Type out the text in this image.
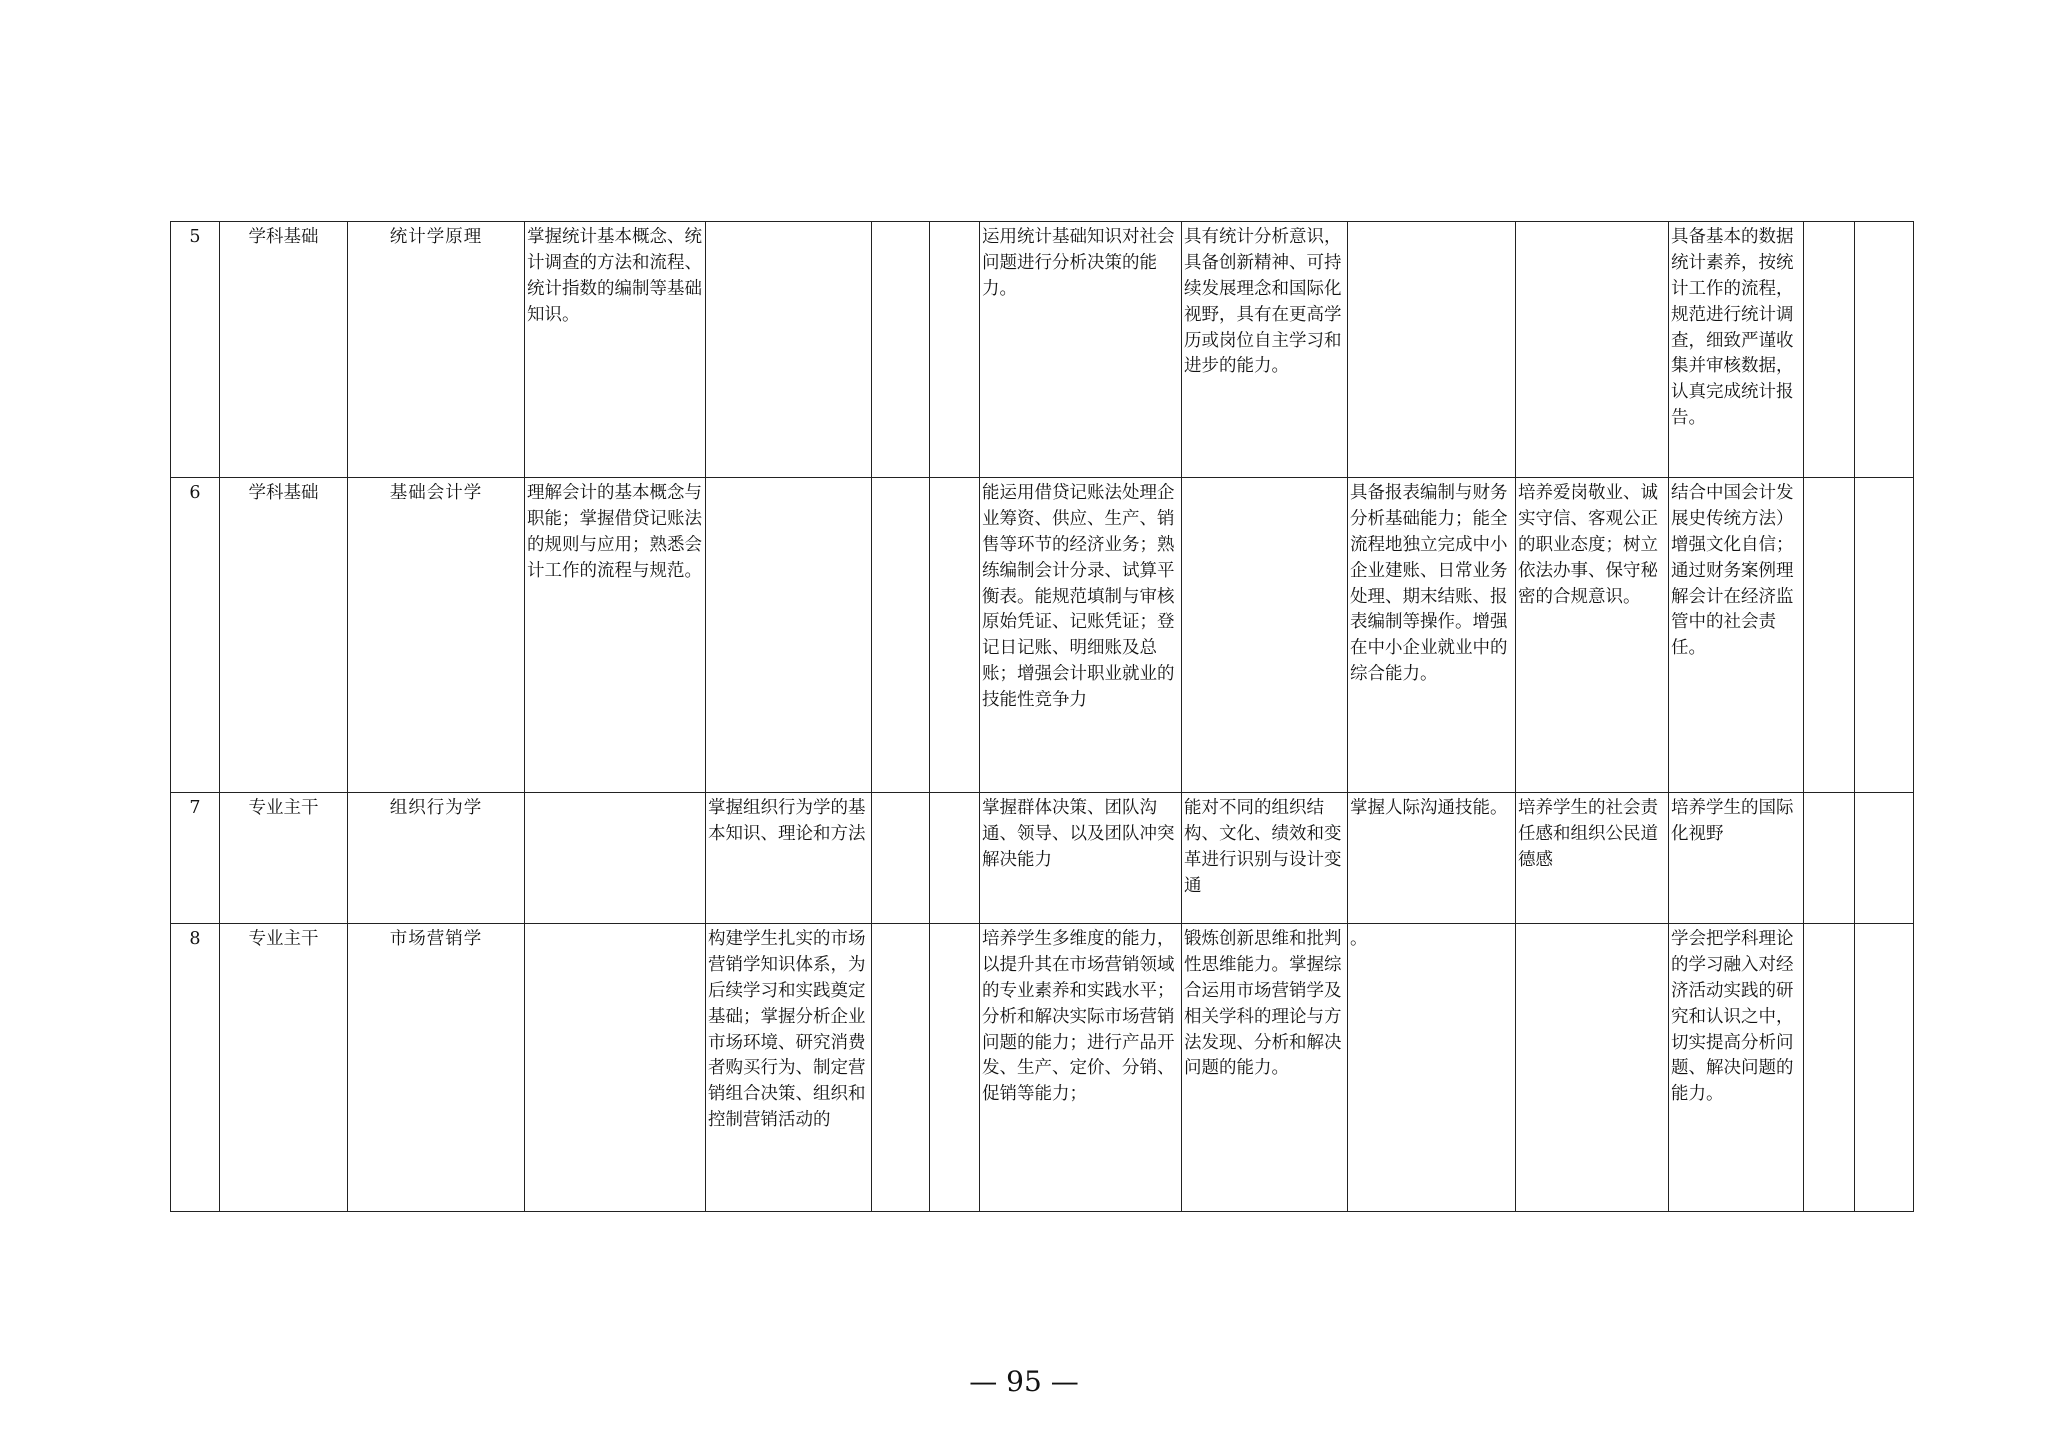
5	学科基础	统计学原理	掌握统计基本概念、统计调查的方法和流程、统计指数的编制等基础知识。				运用统计基础知识对社会问题进行分析决策的能力。	具有统计分析意识，具备创新精神、可持续发展理念和国际化视野，具有在更高学历或岗位自主学习和进步的能力。			具备基本的数据统计素养，按统计工作的流程，规范进行统计调查，细致严谨收集并审核数据，认真完成统计报告。		
6	学科基础	基础会计学	理解会计的基本概念与职能；掌握借贷记账法的规则与应用；熟悉会计工作的流程与规范。				能运用借贷记账法处理企业筹资、供应、生产、销售等环节的经济业务；熟练编制会计分录、试算平衡表。能规范填制与审核原始凭证、记账凭证；登记日记账、明细账及总账；增强会计职业就业的技能性竞争力		具备报表编制与财务分析基础能力；能全流程地独立完成中小企业建账、日常业务处理、期末结账、报表编制等操作。增强在中小企业就业中的综合能力。	培养爱岗敬业、诚实守信、客观公正的职业态度；树立依法办事、保守秘密的合规意识。	结合中国会计发展史传统方法）增强文化自信；通过财务案例理解会计在经济监管中的社会责任。		
7	专业主干	组织行为学		掌握组织行为学的基本知识、理论和方法			掌握群体决策、团队沟通、领导、以及团队冲突解决能力	能对不同的组织结构、文化、绩效和变革进行识别与设计变通	掌握人际沟通技能。	培养学生的社会责任感和组织公民道德感	培养学生的国际化视野		
8	专业主干	市场营销学		构建学生扎实的市场营销学知识体系，为后续学习和实践奠定基础；掌握分析企业市场环境、研究消费者购买行为、制定营销组合决策、组织和控制营销活动的			培养学生多维度的能力，以提升其在市场营销领域的专业素养和实践水平；分析和解决实际市场营销问题的能力；进行产品开发、生产、定价、分销、促销等能力；	锻炼创新思维和批判性思维能力。掌握综合运用市场营销学及相关学科的理论与方法发现、分析和解决问题的能力。	。		学会把学科理论的学习融入对经济活动实践的研究和认识之中，切实提高分析问题、解决问题的能力。		
— 95 —
